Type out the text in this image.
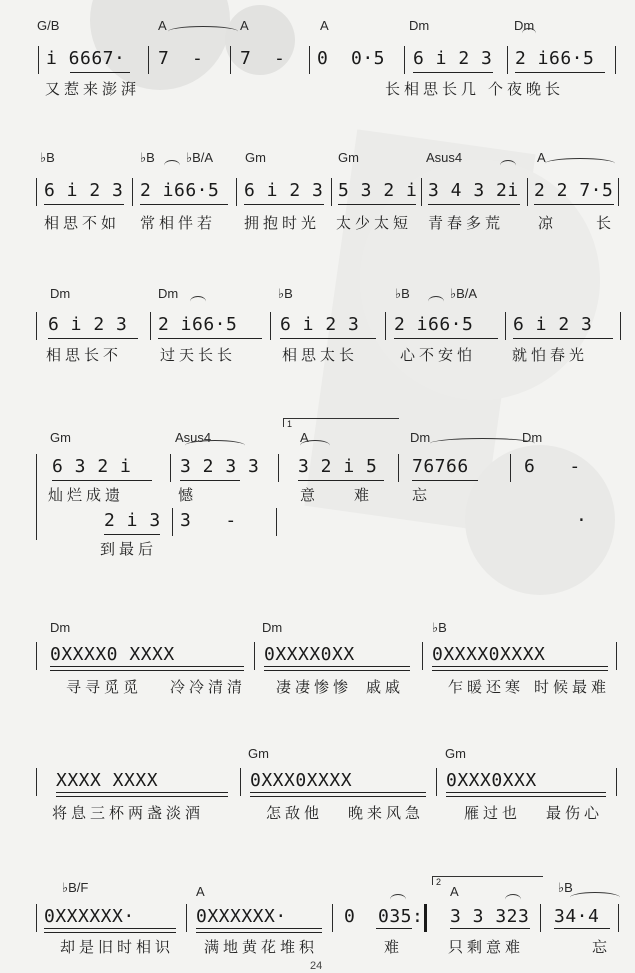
G/B	A	A	A	Dm	Dm
i 6667· 7  - 7  - 0  0·5 6 i 2 3 2 i66·5
又惹来澎湃	长相思长几 个夜晚长
♭B	♭B ♭B/A Gm	Gm	Asus4	A
6 i 2 3 2 i66·5 6 i 2 3 5 3 2 i 3 4 3 2i 2 2 7·5
相思不如 常相伴若 拥抱时光 太少太短 青春多荒 凉	长
Dm	Dm	♭B	♭B	♭B/A
6 i 2 3 2 i66·5 6 i 2 3 2 i66·5 6 i 2 3
相思长不	过天长长	相思太长	心不安怕 就怕春光
1
Gm	Asus4	A	Dm	Dm
6 3 2 i	3 2 3 3 3 2 i 5 76766	6   -
灿烂成遗	憾	意 难	忘
2 i 3 3   -	·
到最后
Dm	Dm	♭B
0XXXX0 XXXX	0XXXX0XX	0XXXX0XXXX
寻寻觅觅 冷冷清清 凄凄惨惨 戚戚	乍暖还寒 时候最难
Gm	Gm
XXXX XXXX	0XXX0XXXX	0XXX0XXX
将息三杯两盏淡酒	怎敌他 晚来风急	雁过也 最伤心
2
♭B/F	A	A	♭B
0XXXXXX·	0XXXXXX·	0  035: 3 3 323 34·4
却是旧时相识 满地黄花堆积	难	只剩意难	忘
24
